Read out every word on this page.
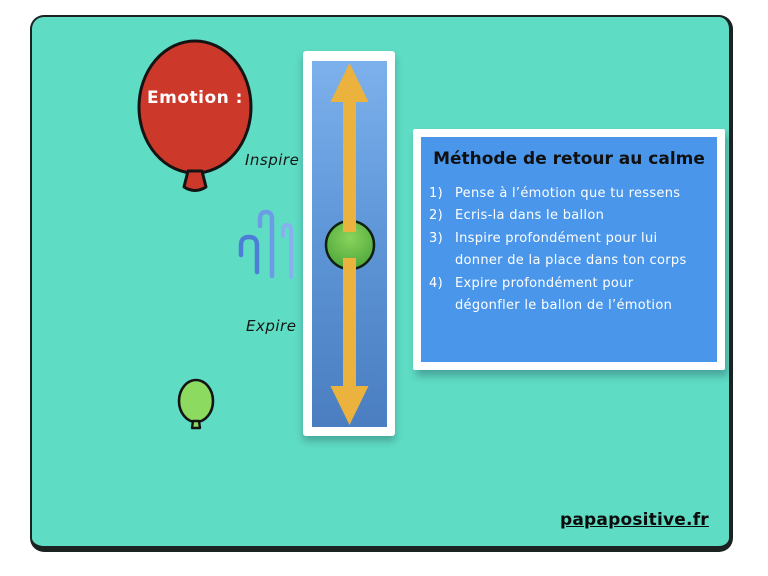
Emotion :
Inspire
Expire
Méthode de retour au calme
1) Pense à l’émotion que tu ressens
2) Ecris-la dans le ballon
3) Inspire profondément pour lui
donner de la place dans ton corps
4) Expire profondément pour
dégonfler le ballon de l’émotion
papapositive.fr
